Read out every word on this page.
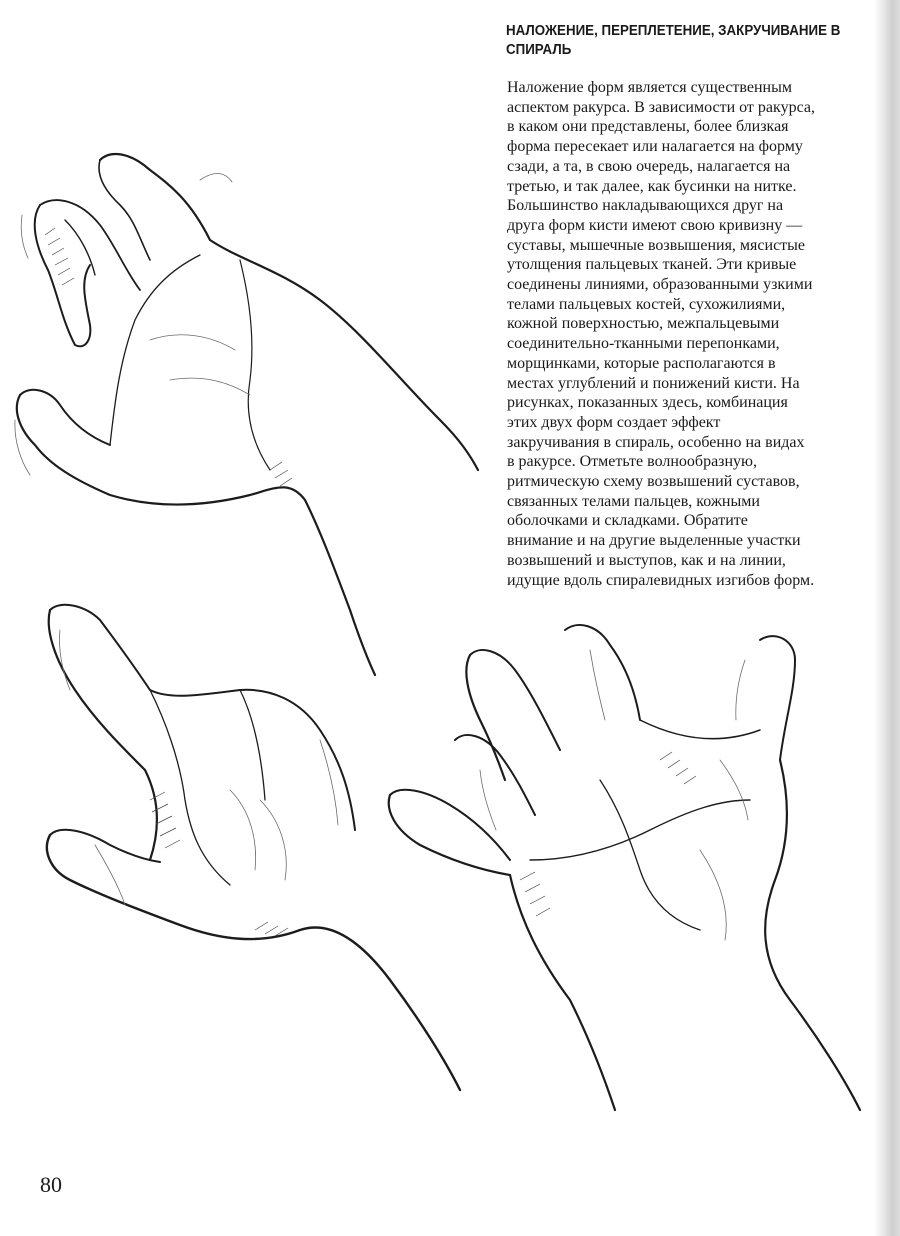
НАЛОЖЕНИЕ, ПЕРЕПЛЕТЕНИЕ, ЗАКРУЧИВАНИЕ В СПИРАЛЬ
Наложение форм является существенным
аспектом ракурса. В зависимости от ракурса,
в каком они представлены, более близкая
форма пересекает или налагается на форму
сзади, а та, в свою очередь, налагается на
третью, и так далее, как бусинки на нитке.
Большинство накладывающихся друг на
друга форм кисти имеют свою кривизну —
суставы, мышечные возвышения, мясистые
утолщения пальцевых тканей. Эти кривые
соединены линиями, образованными узкими
телами пальцевых костей, сухожилиями,
кожной поверхностью, межпальцевыми
соединительно-тканными перепонками,
морщинками, которые располагаются в
местах углублений и понижений кисти. На
рисунках, показанных здесь, комбинация
этих двух форм создает эффект
закручивания в спираль, особенно на видах
в ракурсе. Отметьте волнообразную,
ритмическую схему возвышений суставов,
связанных телами пальцев, кожными
оболочками и складками. Обратите
внимание и на другие выделенные участки
возвышений и выступов, как и на линии,
идущие вдоль спиралевидных изгибов форм.
80
